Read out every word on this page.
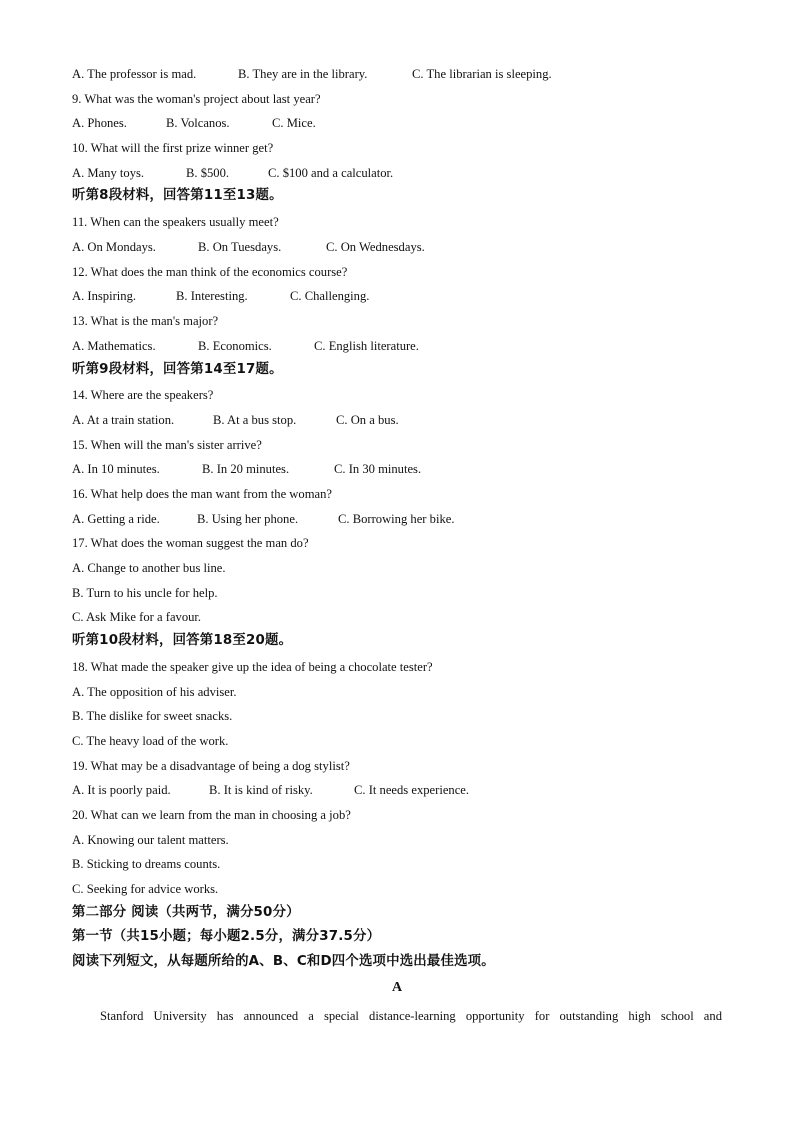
A. The professor is mad.	B. They are in the library.	C. The librarian is sleeping.
9. What was the woman's project about last year?
A. Phones.	B. Volcanos.	C. Mice.
10. What will the first prize winner get?
A. Many toys.	B. $500.	C. $100 and a calculator.
听第8段材料，回答第11至13题。
11. When can the speakers usually meet?
A. On Mondays.	B. On Tuesdays.	C. On Wednesdays.
12. What does the man think of the economics course?
A. Inspiring.	B. Interesting.	C. Challenging.
13. What is the man's major?
A. Mathematics.	B. Economics.	C. English literature.
听第9段材料，回答第14至17题。
14. Where are the speakers?
A. At a train station.	B. At a bus stop.	C. On a bus.
15. When will the man's sister arrive?
A. In 10 minutes.	B. In 20 minutes.	C. In 30 minutes.
16. What help does the man want from the woman?
A. Getting a ride.	B. Using her phone.	C. Borrowing her bike.
17. What does the woman suggest the man do?
A. Change to another bus line.
B. Turn to his uncle for help.
C. Ask Mike for a favour.
听第10段材料，回答第18至20题。
18. What made the speaker give up the idea of being a chocolate tester?
A. The opposition of his adviser.
B. The dislike for sweet snacks.
C. The heavy load of the work.
19. What may be a disadvantage of being a dog stylist?
A. It is poorly paid.	B. It is kind of risky.	C. It needs experience.
20. What can we learn from the man in choosing a job?
A. Knowing our talent matters.
B. Sticking to dreams counts.
C. Seeking for advice works.
第二部分 阅读（共两节，满分50分）
第一节（共15小题；每小题2.5分，满分37.5分）
阅读下列短文，从每题所给的A、B、C和D四个选项中选出最佳选项。
A
Stanford University has announced a special distance-learning opportunity for outstanding high school and
